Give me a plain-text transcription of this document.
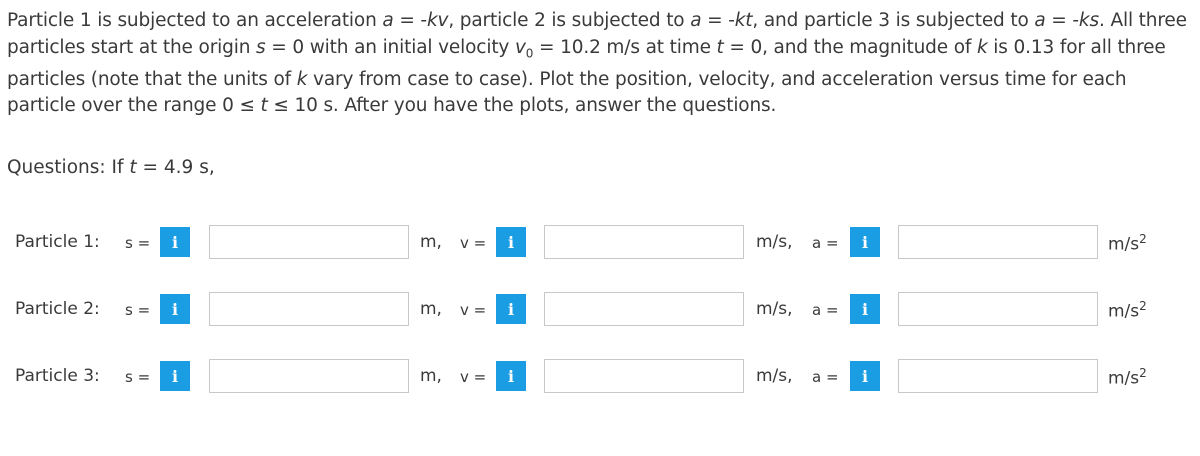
Particle 1 is subjected to an acceleration a = -kv, particle 2 is subjected to a = -kt, and particle 3 is subjected to a = -ks. All three particles start at the origin s = 0 with an initial velocity $v_0 = 10.2$ m/s at time t = 0, and the magnitude of k is 0.13 for all three particles (note that the units of k vary from case to case). Plot the position, velocity, and acceleration versus time for each particle over the range 0 ≤ t ≤ 10 s. After you have the plots, answer the questions.

Questions: If t = 4.9 s,
Particle 1: s =	i	m, v =	i	m/s, a =	i	$m/s^2$
Particle 2: s =	i	m, v =	i	m/s, a =	i	$m/s^2$
Particle 3: s =	i	m, v =	i	m/s, a =	i	$m/s^2$
